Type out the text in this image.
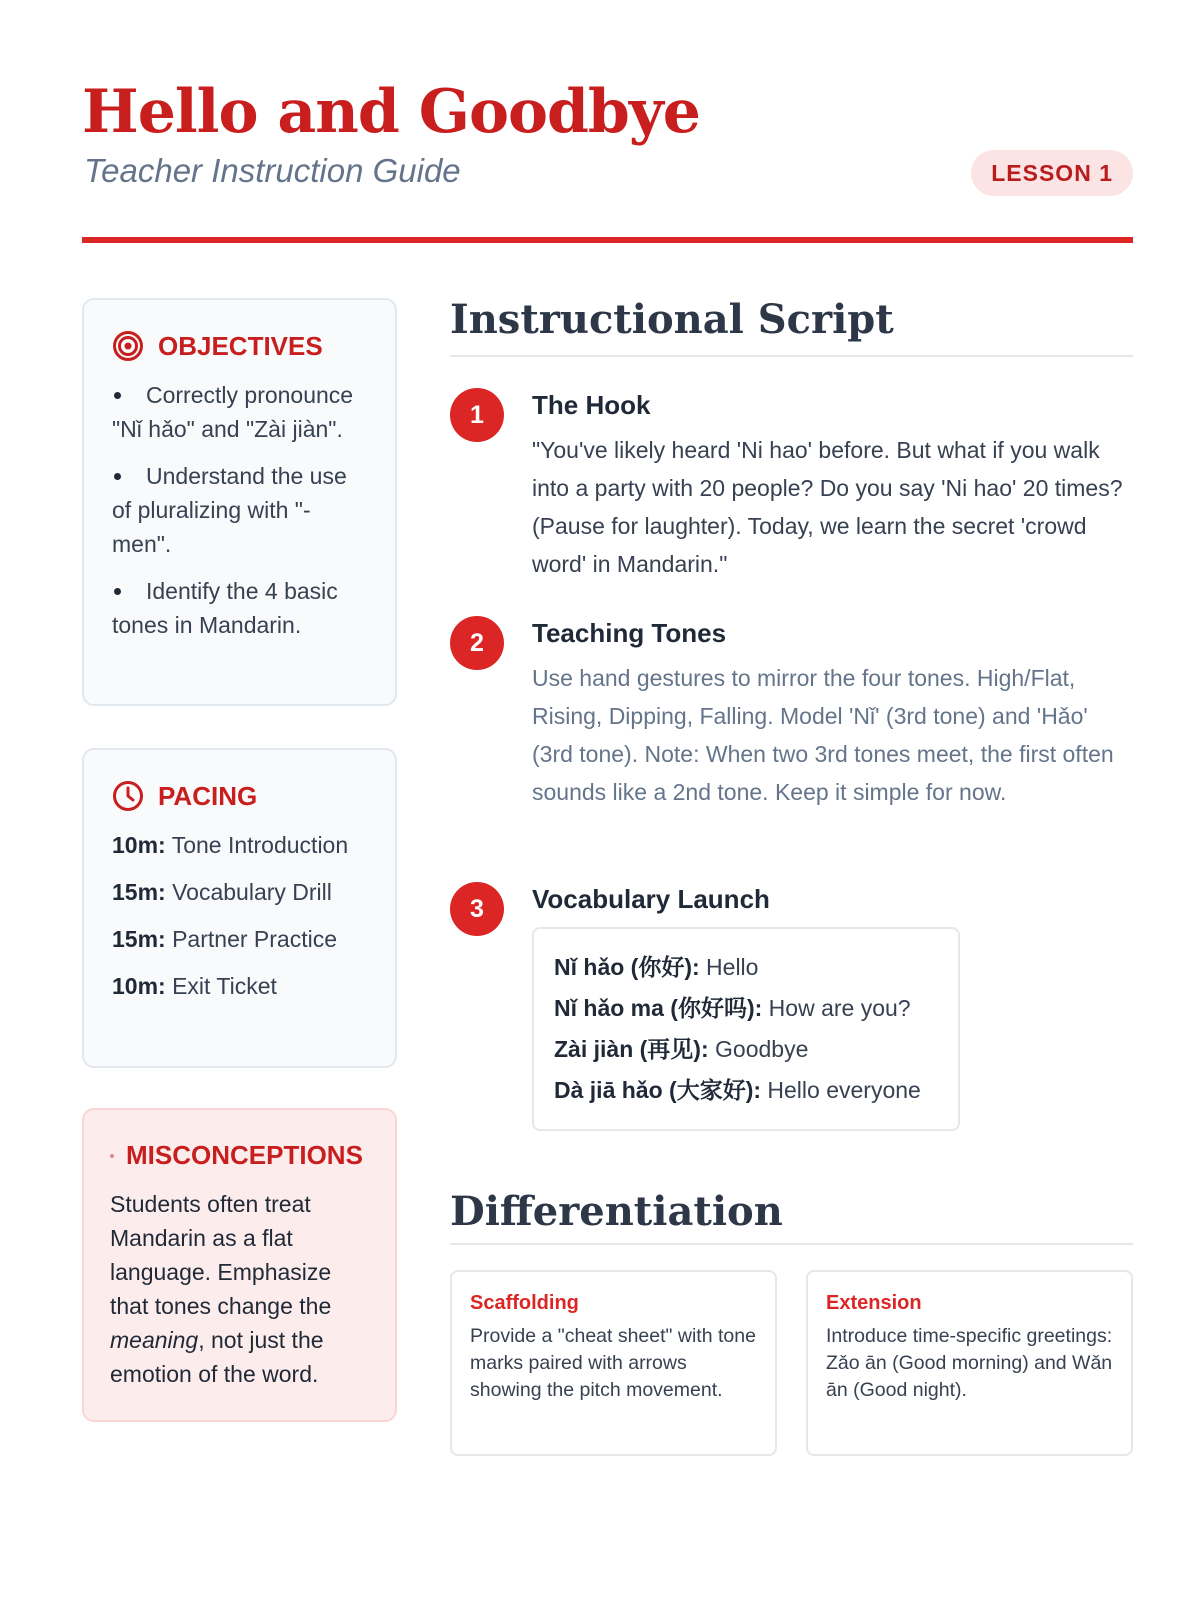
Hello and Goodbye
Teacher Instruction Guide	LESSON 1
OBJECTIVES
Correctly pronounce "Nǐ hǎo" and "Zài jiàn".
Understand the use of pluralizing with "-men".
Identify the 4 basic tones in Mandarin.
PACING
10m: Tone Introduction
15m: Vocabulary Drill
15m: Partner Practice
10m: Exit Ticket
MISCONCEPTIONS

Students often treat Mandarin as a flat language. Emphasize that tones change the meaning, not just the emotion of the word.

Instructional Script
1	The Hook

"You've likely heard 'Ni hao' before. But what if you walk into a party with 20 people? Do you say 'Ni hao' 20 times? (Pause for laughter). Today, we learn the secret 'crowd word' in Mandarin."

2	Teaching Tones

Use hand gestures to mirror the four tones. High/Flat, Rising, Dipping, Falling. Model 'Nǐ' (3rd tone) and 'Hǎo' (3rd tone). Note: When two 3rd tones meet, the first often sounds like a 2nd tone. Keep it simple for now.

3	Vocabulary Launch
Nǐ hǎo (你好): Hello
Nǐ hǎo ma (你好吗): How are you?
Zài jiàn (再见): Goodbye
Dà jiā hǎo (大家好): Hello everyone
Differentiation
Scaffolding

Provide a "cheat sheet" with tone marks paired with arrows showing the pitch movement.

Extension

Introduce time-specific greetings: Zǎo ān (Good morning) and Wǎn ān (Good night).
